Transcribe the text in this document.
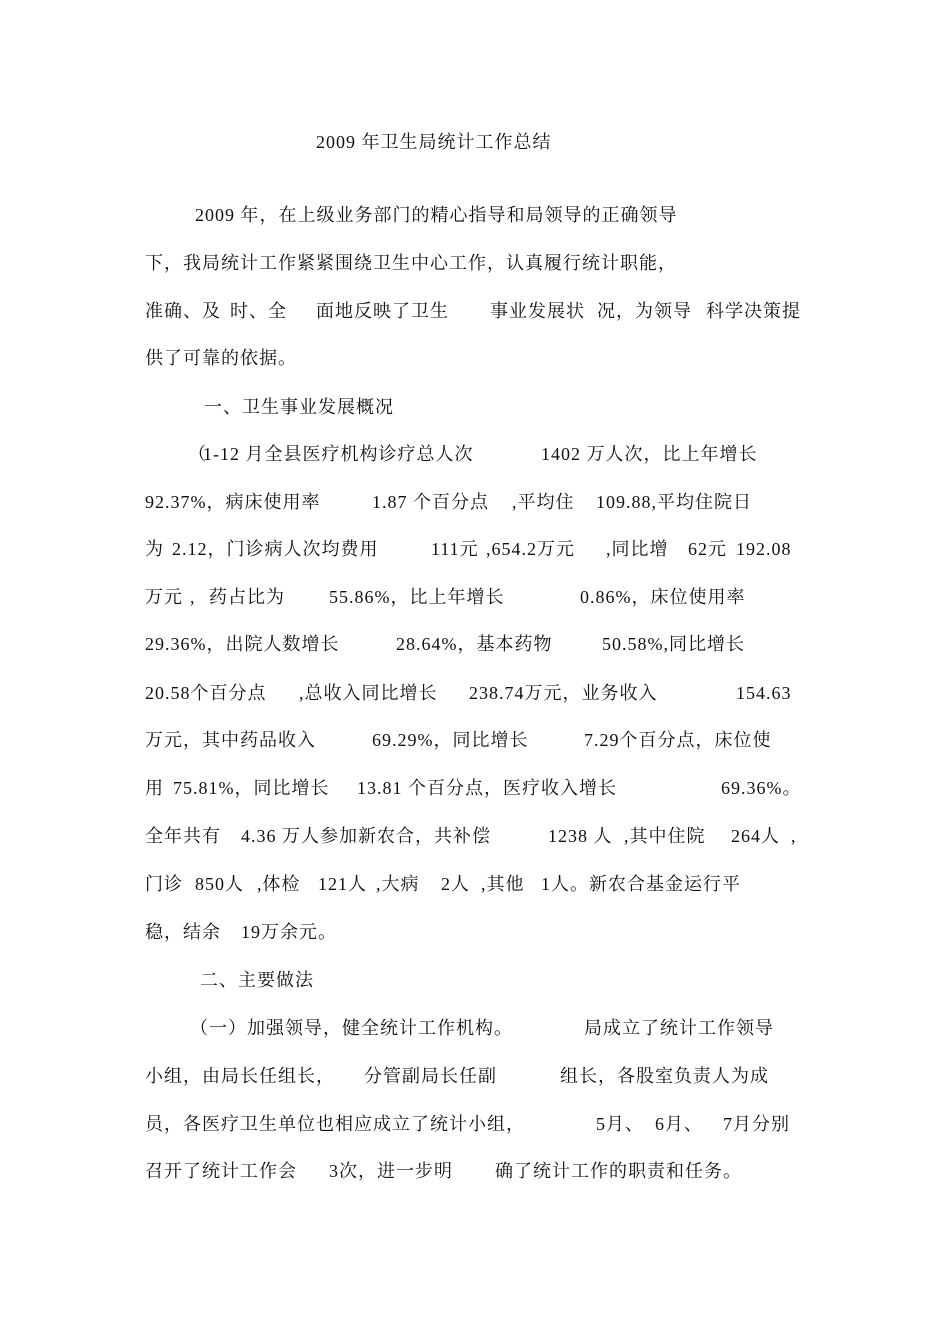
2009 年卫生局统计工作总结
2009 年，在上级业务部门的精心指导和局领导的正确领导
下，我局统计工作紧紧围绕卫生中心工作，认真履行统计职能，
准确、及 时、全 面地反映了卫生 事业发展状 况，为领导 科学决策提
供了可靠的依据。
一、卫生事业发展概况
（
1-12 月全县医疗机构诊疗总人次	1402 万人次，比上年增长
92.37%，病床使用率	1.87 个百分点 ,平均住 109.88,平均住院日
为 2.12，门诊病人次均费用	111元 ,654.2万元 ,同比增 62元 192.08
万元 , 药占比为 55.86%，比上年增长	0.86%，床位使用率
29.36%，出院人数增长	28.64%，基本药物	50.58%,同比增长
20.58个百分点 ,总收入同比增长 238.74万元，业务收入	154.63
万元，其中药品收入	69.29%，同比增长	7.29个百分点，床位使
用 75.81%，同比增长 13.81 个百分点，医疗收入增长	69.36%。
全年共有 4.36 万人参加新农合，共补偿	1238 人 ,其中住院 264人 ,
门诊 850人 ,体检 121人 ,大病 2人 ,其他 1人。新农合基金运行平
稳，结余 19万余元。
二、主要做法
（一）加强领导，健全统计工作机构。	局成立了统计工作领导
小组，由局长任组长， 分管副局长任副	组长，各股室负责人为成
员，各医疗卫生单位也相应成立了统计小组，	5月、 6月、 7月分别
召开了统计工作会 3次，进一步明 确了统计工作的职责和任务。
